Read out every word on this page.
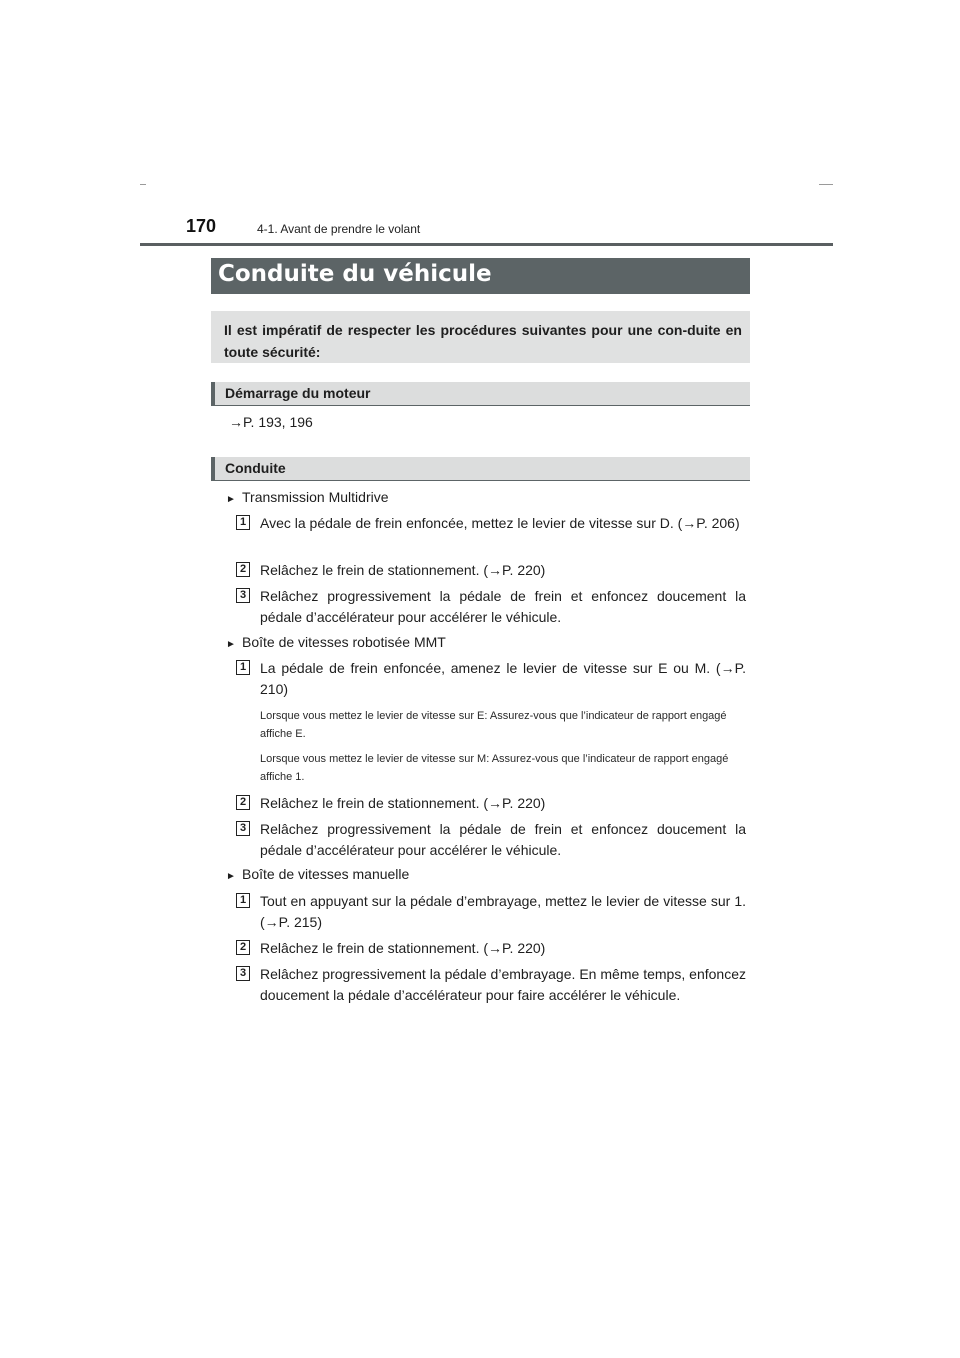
170	4-1. Avant de prendre le volant
Conduite du véhicule
Il est impératif de respecter les procédures suivantes pour une con-duite en toute sécurité:
Démarrage du moteur
→P. 193, 196
Conduite
► Transmission Multidrive
1 Avec la pédale de frein enfoncée, mettez le levier de vitesse sur D. (→P. 206)

2 Relâchez le frein de stationnement. (→P. 220)

3 Relâchez progressivement la pédale de frein et enfoncez doucement la pédale d’accélérateur pour accélérer le véhicule.

► Boîte de vitesses robotisée MMT
1 La pédale de frein enfoncée, amenez le levier de vitesse sur E ou M. (→P. 210)

Lorsque vous mettez le levier de vitesse sur E: Assurez-vous que l’indicateur de rapport engagé affiche E.

Lorsque vous mettez le levier de vitesse sur M: Assurez-vous que l’indicateur de rapport engagé affiche 1.

2 Relâchez le frein de stationnement. (→P. 220)

3 Relâchez progressivement la pédale de frein et enfoncez doucement la pédale d’accélérateur pour accélérer le véhicule.

► Boîte de vitesses manuelle
1 Tout en appuyant sur la pédale d’embrayage, mettez le levier de vitesse sur 1. (→P. 215)

2 Relâchez le frein de stationnement. (→P. 220)

3 Relâchez progressivement la pédale d’embrayage. En même temps, enfoncez doucement la pédale d’accélérateur pour faire accélérer le véhicule.
